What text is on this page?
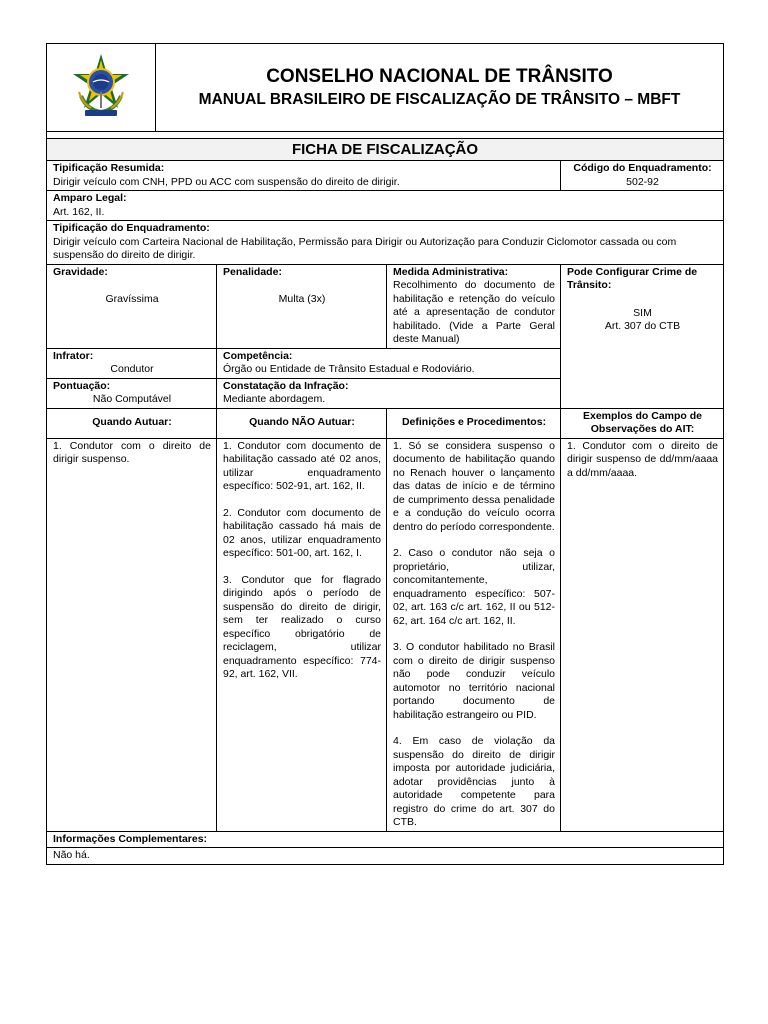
CONSELHO NACIONAL DE TRÂNSITO
MANUAL BRASILEIRO DE FISCALIZAÇÃO DE TRÂNSITO – MBFT

FICHA DE FISCALIZAÇÃO

Tipificação Resumida:
Dirigir veículo com CNH, PPD ou ACC com suspensão do direito de dirigir.	
Código do Enquadramento:
502-92

Amparo Legal:
Art. 162, II.

Tipificação do Enquadramento:
Dirigir veículo com Carteira Nacional de Habilitação, Permissão para Dirigir ou Autorização para Conduzir Ciclomotor cassada ou com suspensão do direito de dirigir.

Gravidade:
Gravíssima

Penalidade:
Multa (3x)

Medida Administrativa:
Recolhimento do documento de habilitação e retenção do veículo até a apresentação de condutor habilitado. (Vide a Parte Geral deste Manual)	
Pode Configurar Crime de Trânsito:
SIM
Art. 307 do CTB

Infrator:
Condutor

Competência:
Órgão ou Entidade de Trânsito Estadual e Rodoviário.

Pontuação:
Não Computável

Constatação da Infração:
Mediante abordagem.
Quando Autuar:	Quando NÃO Autuar:	Definições e Procedimentos:	Exemplos do Campo de Observações do AIT:

1. Condutor com o direito de dirigir suspenso.

1. Condutor com documento de habilitação cassado até 02 anos, utilizar enquadramento específico: 502-91, art. 162, II.
2. Condutor com documento de habilitação cassado há mais de 02 anos, utilizar enquadramento específico: 501-00, art. 162, I.
3. Condutor que for flagrado dirigindo após o período de suspensão do direito de dirigir, sem ter realizado o curso específico obrigatório de reciclagem, utilizar enquadramento específico: 774-92, art. 162, VII.

1. Só se considera suspenso o documento de habilitação quando no Renach houver o lançamento das datas de início e de término de cumprimento dessa penalidade e a condução do veículo ocorra dentro do período correspondente.
2. Caso o condutor não seja o proprietário, utilizar, concomitantemente, enquadramento específico: 507-02, art. 163 c/c art. 162, II ou 512-62, art. 164 c/c art. 162, II.
3. O condutor habilitado no Brasil com o direito de dirigir suspenso não pode conduzir veículo automotor no território nacional portando documento de habilitação estrangeiro ou PID.
4. Em caso de violação da suspensão do direito de dirigir imposta por autoridade judiciária, adotar providências junto à autoridade competente para registro do crime do art. 307 do CTB.

1. Condutor com o direito de dirigir suspenso de dd/mm/aaaa a dd/mm/aaaa.

Informações Complementares:

Não há.
